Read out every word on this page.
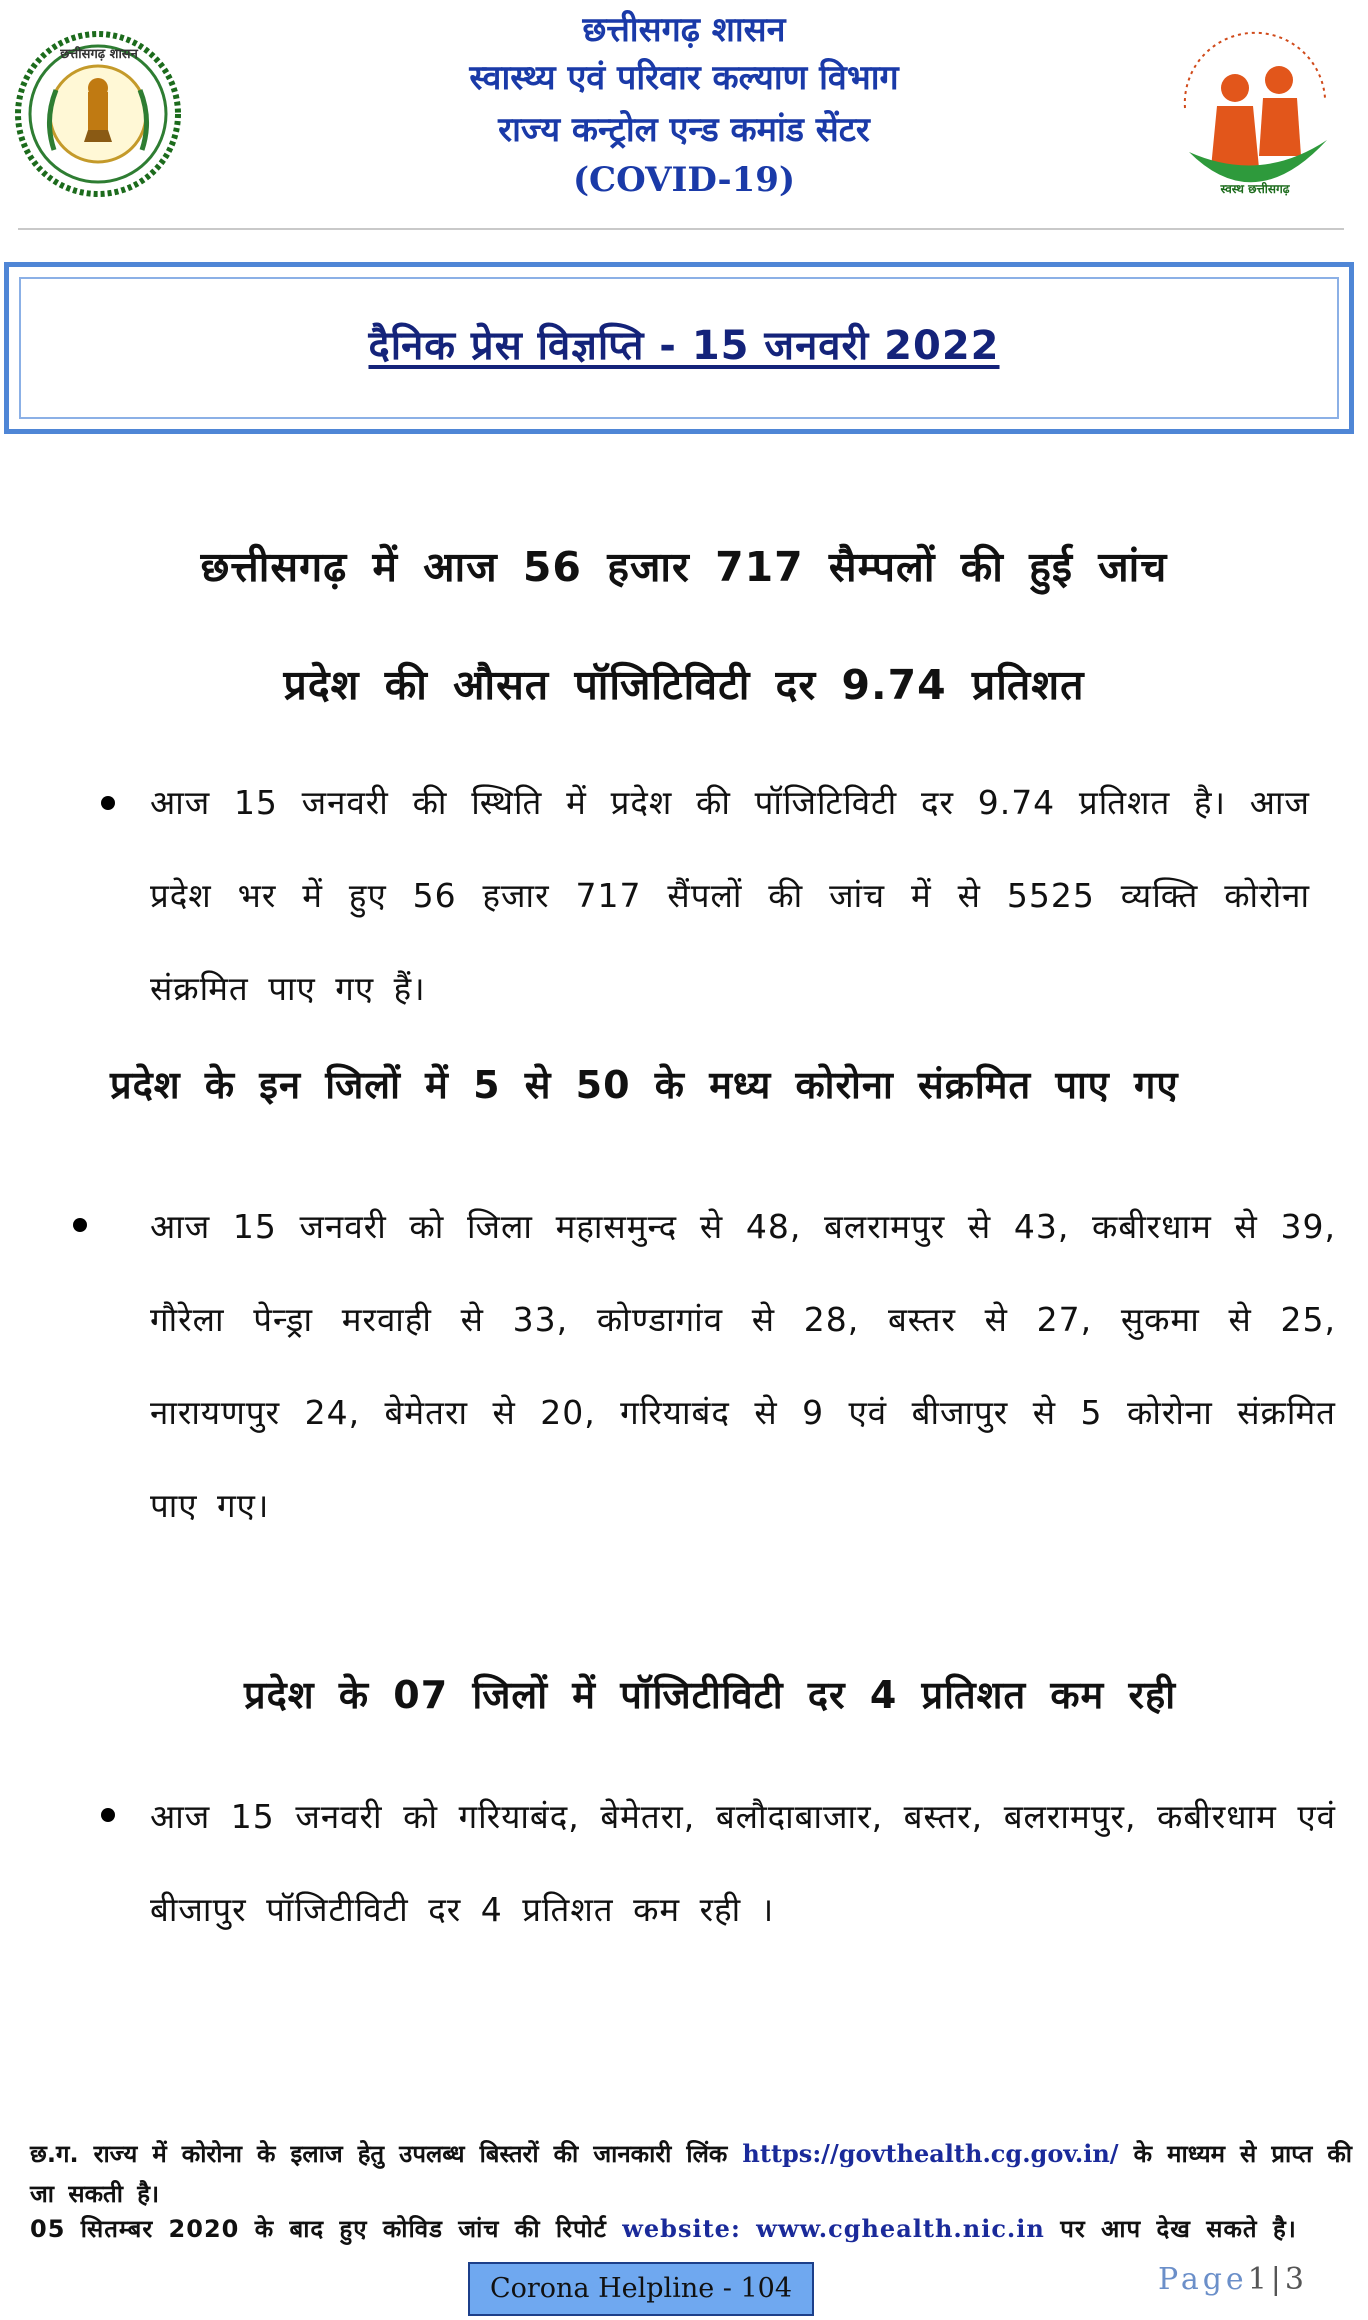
छत्तीसगढ़ शासन
छत्तीसगढ़ शासन
स्वास्थ्य एवं परिवार कल्याण विभाग
राज्य कन्ट्रोल एन्ड कमांड सेंटर
(COVID-19)	स्वस्थ छत्तीसगढ़
दैनिक प्रेस विज्ञप्ति - 15 जनवरी 2022
छत्तीसगढ़ में आज 56 हजार 717 सैम्पलों की हुई जांच
प्रदेश की औसत पॉजिटिविटी दर 9.74 प्रतिशत
आज 15 जनवरी की स्थिति में प्रदेश की पॉजिटिविटी दर 9.74 प्रतिशत है। आज प्रदेश भर में हुए 56 हजार 717 सैंपलों की जांच में से 5525 व्यक्ति कोरोना संक्रमित पाए गए हैं।
प्रदेश के इन जिलों में 5 से 50 के मध्य कोरोना संक्रमित पाए गए
आज 15 जनवरी को जिला महासमुन्द से 48, बलरामपुर से 43, कबीरधाम से 39, गौरेला पेन्ड्रा मरवाही से 33, कोण्डागांव से 28, बस्तर से 27, सुकमा से 25, नारायणपुर 24, बेमेतरा से 20, गरियाबंद से 9 एवं बीजापुर से 5 कोरोना संक्रमित पाए गए।
प्रदेश के 07 जिलों में पॉजिटीविटी दर 4 प्रतिशत कम रही
आज 15 जनवरी को गरियाबंद, बेमेतरा, बलौदाबाजार, बस्तर, बलरामपुर, कबीरधाम एवं बीजापुर पॉजिटीविटी दर 4 प्रतिशत कम रही ।
छ.ग. राज्य में कोरोना के इलाज हेतु उपलब्ध बिस्तरों की जानकारी लिंक https://govthealth.cg.gov.in/ के माध्यम से प्राप्त की जा सकती है।
05 सितम्बर 2020 के बाद हुए कोविड जांच की रिपोर्ट website: www.cghealth.nic.in पर आप देख सकते है।
Corona Helpline - 104	Page1|3
